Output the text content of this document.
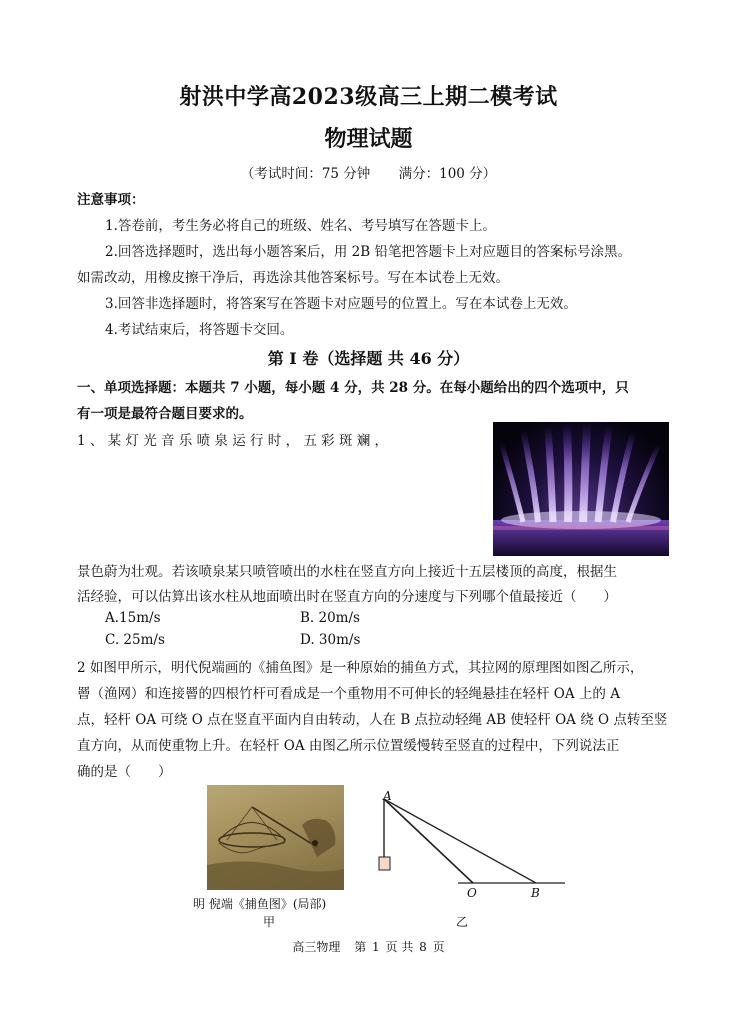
射洪中学高2023级高三上期二模考试
物理试题
（考试时间：75 分钟 满分：100 分）
注意事项：
1.答卷前，考生务必将自己的班级、姓名、考号填写在答题卡上。
2.回答选择题时，选出每小题答案后，用 2B 铅笔把答题卡上对应题目的答案标号涂黑。
如需改动，用橡皮擦干净后，再选涂其他答案标号。写在本试卷上无效。
3.回答非选择题时，将答案写在答题卡对应题号的位置上。写在本试卷上无效。
4.考试结束后，将答题卡交回。
第 I 卷（选择题 共 46 分）
一、单项选择题：本题共 7 小题，每小题 4 分，共 28 分。在每小题给出的四个选项中，只
有一项是最符合题目要求的。
1 、 某 灯 光 音 乐 喷 泉 运 行 时 ， 五 彩 斑 斓 ，
景色蔚为壮观。若该喷泉某只喷管喷出的水柱在竖直方向上接近十五层楼顶的高度，根据生
活经验，可以估算出该水柱从地面喷出时在竖直方向的分速度与下列哪个值最接近（　　）
A.15m/s	B. 20m/s
C. 25m/s	D. 30m/s
2 如图甲所示，明代倪端画的《捕鱼图》是一种原始的捕鱼方式，其拉网的原理图如图乙所示，
罾（渔网）和连接罾的四根竹杆可看成是一个重物用不可伸长的轻绳悬挂在轻杆 OA 上的 A
点，轻杆 OA 可绕 O 点在竖直平面内自由转动，人在 B 点拉动轻绳 AB 使轻杆 OA 绕 O 点转至竖
直方向，从而使重物上升。在轻杆 OA 由图乙所示位置缓慢转至竖直的过程中，下列说法正
确的是（　　）
明 倪端《捕鱼图》(局部)
甲
A
O	B
乙
高三物理 第 1 页 共 8 页
